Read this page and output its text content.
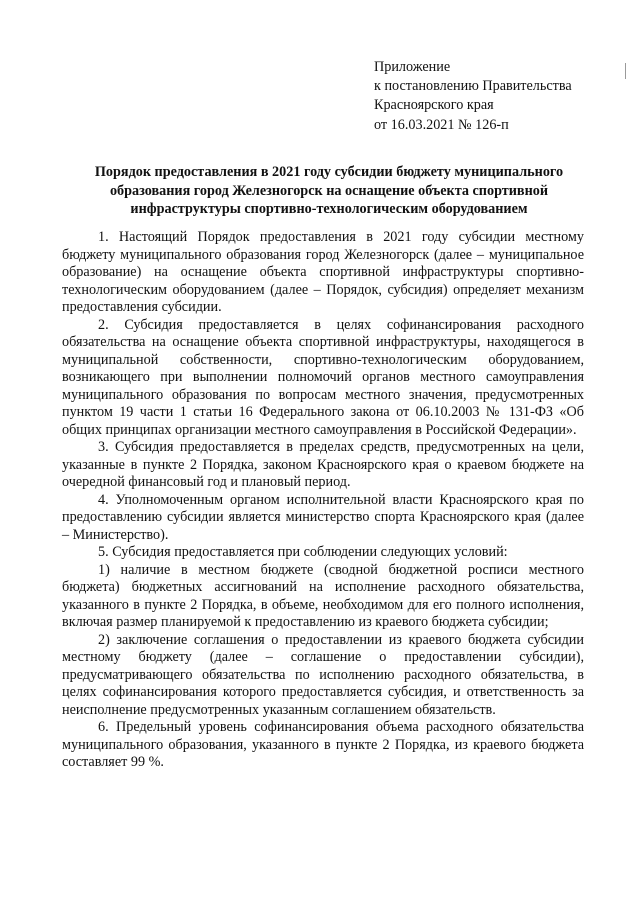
Приложение
к постановлению Правительства
Красноярского края
от 16.03.2021 № 126-п
Порядок предоставления в 2021 году субсидии бюджету муниципального образования город Железногорск на оснащение объекта спортивной инфраструктуры спортивно-технологическим оборудованием

1. Настоящий Порядок предоставления в 2021 году субсидии местному бюджету муниципального образования город Железногорск (далее – муниципальное образование) на оснащение объекта спортивной инфраструктуры спортивно-технологическим оборудованием (далее – Порядок, субсидия) определяет механизм предоставления субсидии.

2. Субсидия предоставляется в целях софинансирования расходного обязательства на оснащение объекта спортивной инфраструктуры, находящегося в муниципальной собственности, спортивно-технологическим оборудованием, возникающего при выполнении полномочий органов местного самоуправления муниципального образования по вопросам местного значения, предусмотренных пунктом 19 части 1 статьи 16 Федерального закона от 06.10.2003 № 131-ФЗ «Об общих принципах организации местного самоуправления в Российской Федерации».

3. Субсидия предоставляется в пределах средств, предусмотренных на цели, указанные в пункте 2 Порядка, законом Красноярского края о краевом бюджете на очередной финансовый год и плановый период.

4. Уполномоченным органом исполнительной власти Красноярского края по предоставлению субсидии является министерство спорта Красноярского края (далее – Министерство).

5. Субсидия предоставляется при соблюдении следующих условий:

1) наличие в местном бюджете (сводной бюджетной росписи местного бюджета) бюджетных ассигнований на исполнение расходного обязательства, указанного в пункте 2 Порядка, в объеме, необходимом для его полного исполнения, включая размер планируемой к предоставлению из краевого бюджета субсидии;

2) заключение соглашения о предоставлении из краевого бюджета субсидии местному бюджету (далее – соглашение о предоставлении субсидии), предусматривающего обязательства по исполнению расходного обязательства, в целях софинансирования которого предоставляется субсидия, и ответственность за неисполнение предусмотренных указанным соглашением обязательств.

6. Предельный уровень софинансирования объема расходного обязательства муниципального образования, указанного в пункте 2 Порядка, из краевого бюджета составляет 99 %.
